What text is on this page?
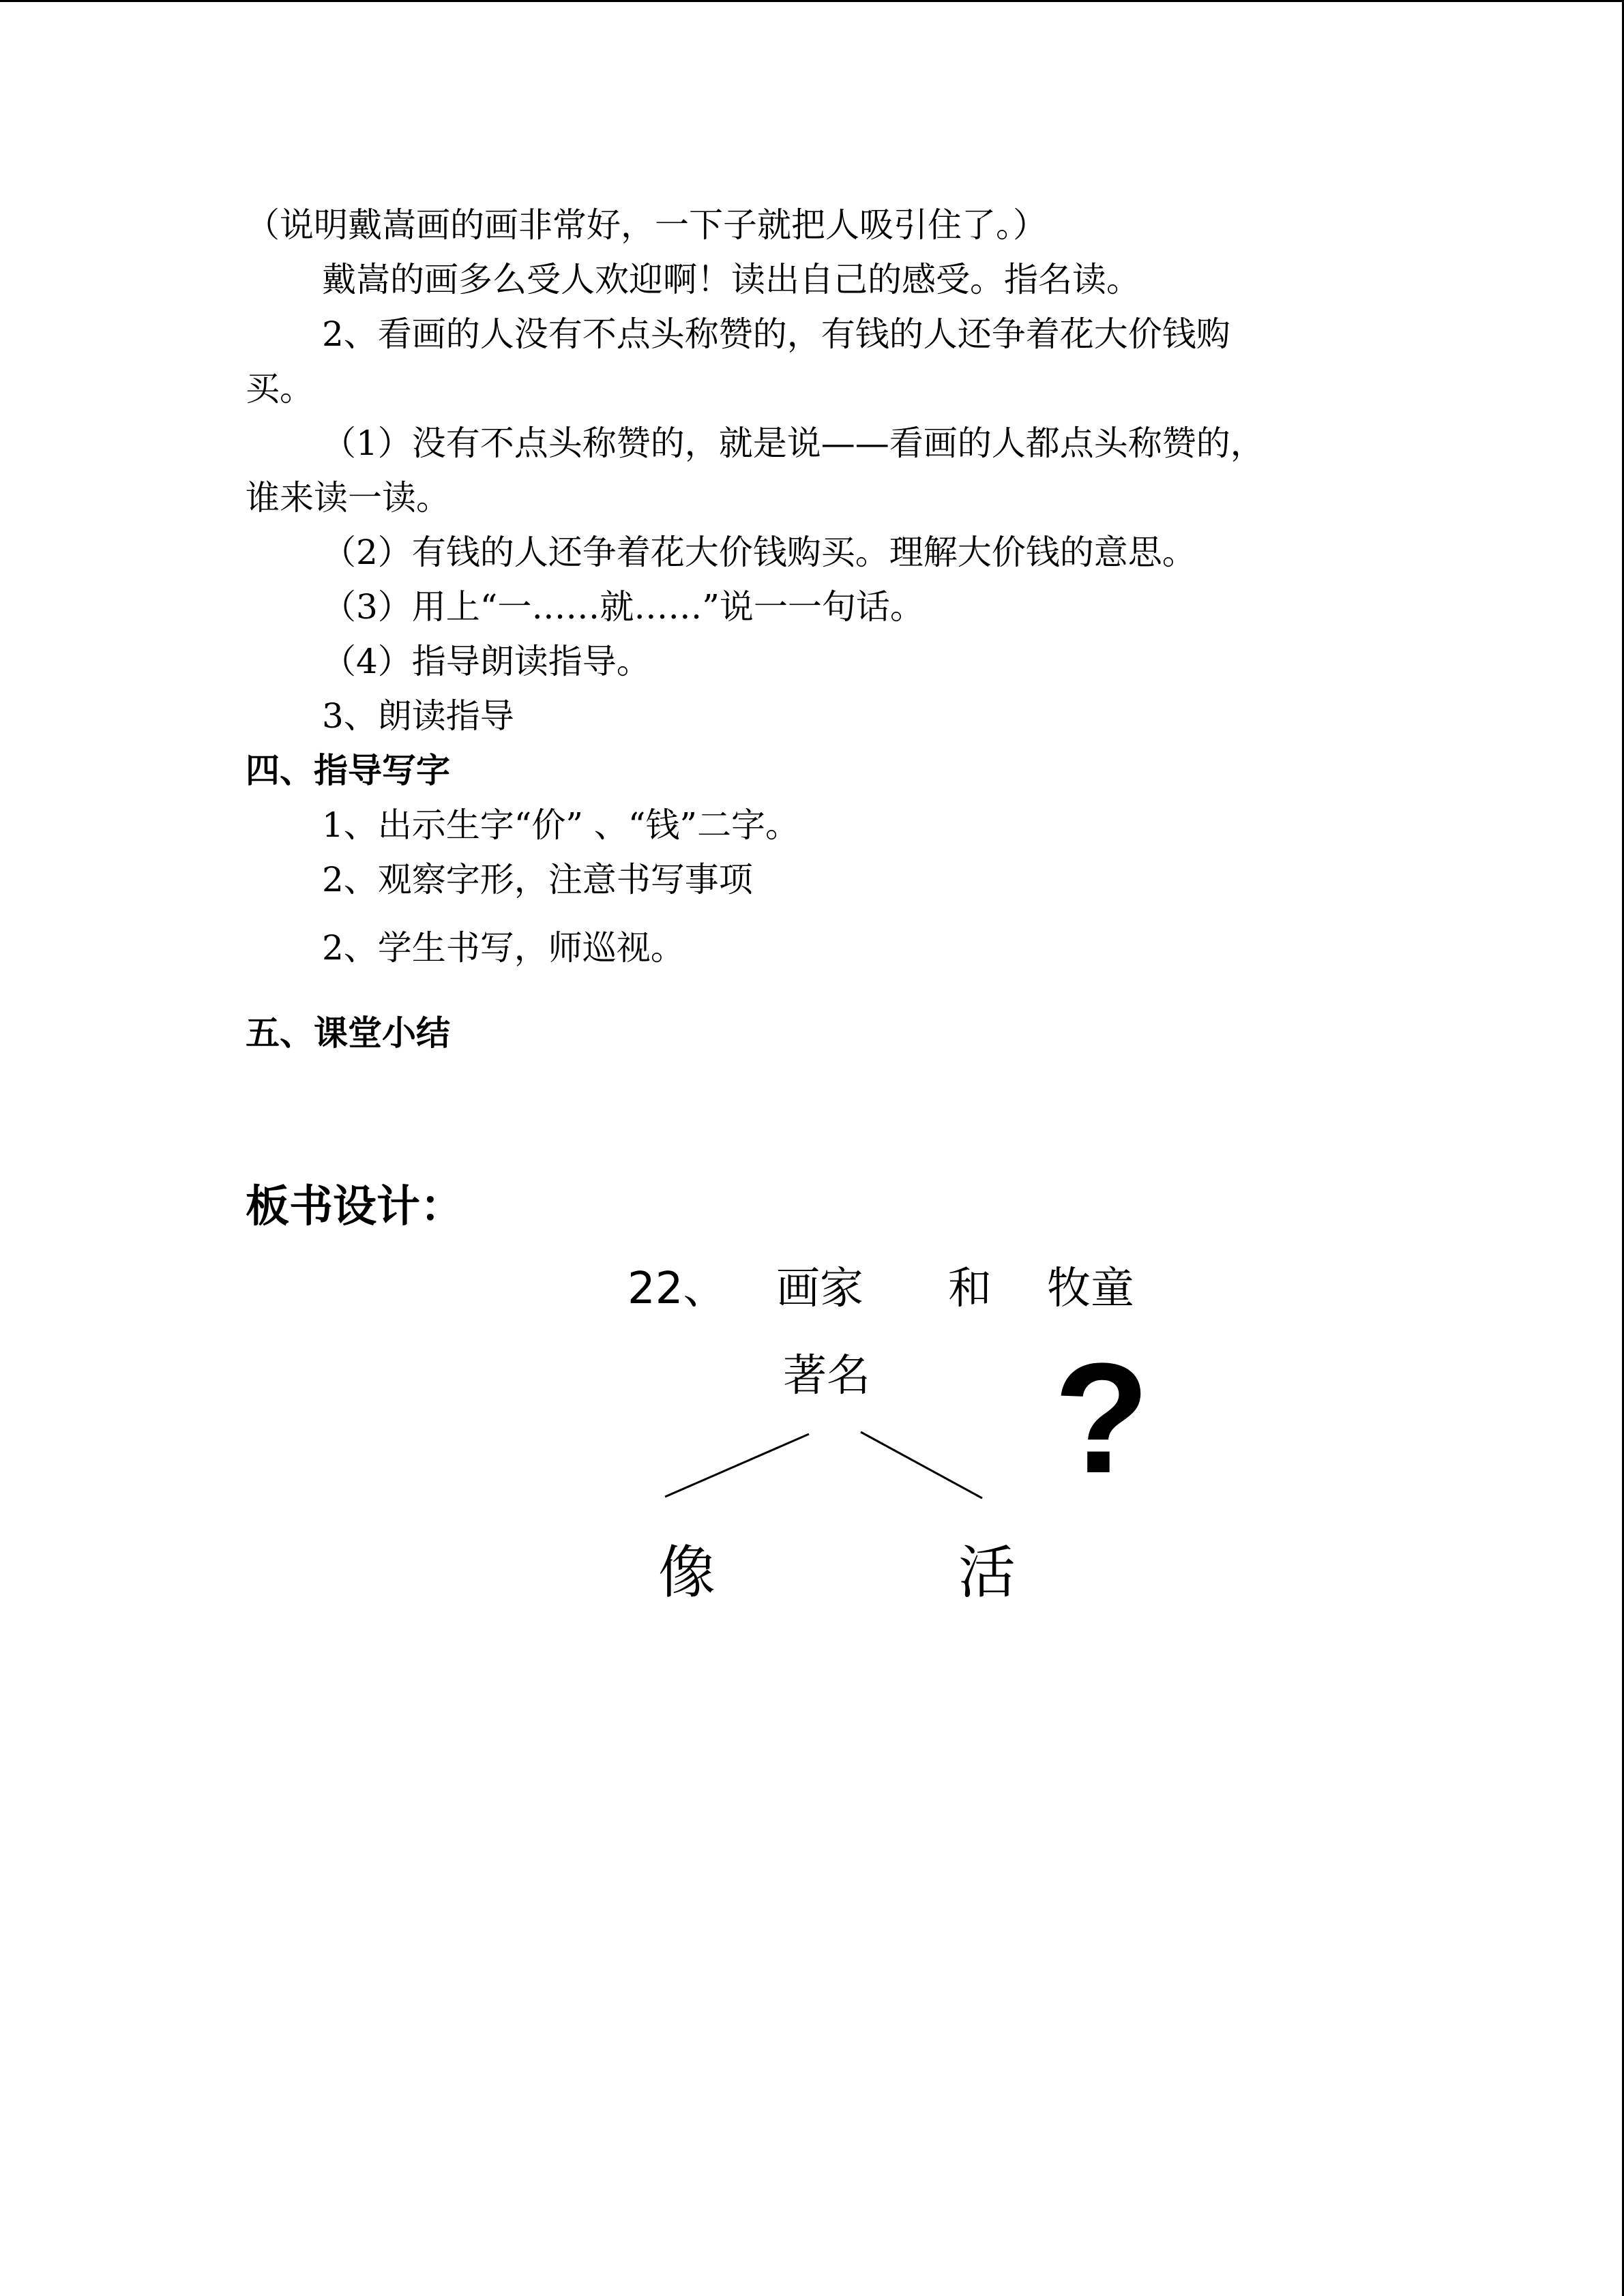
（说明戴嵩画的画非常好，一下子就把人吸引住了。）
戴嵩的画多么受人欢迎啊！读出自己的感受。指名读。
2、看画的人没有不点头称赞的，有钱的人还争着花大价钱购
买。
（1）没有不点头称赞的，就是说——看画的人都点头称赞的，
谁来读一读。
（2）有钱的人还争着花大价钱购买。理解大价钱的意思。
（3）用上“一……就……”说一一句话。
（4）指导朗读指导。
3、朗读指导
四、指导写字
1、出示生字“价” 、“钱”二字。
2、观察字形，注意书写事项
2、学生书写，师巡视。
五、课堂小结
板书设计：
22、 画家 和 牧童
著名 ?
像	活
